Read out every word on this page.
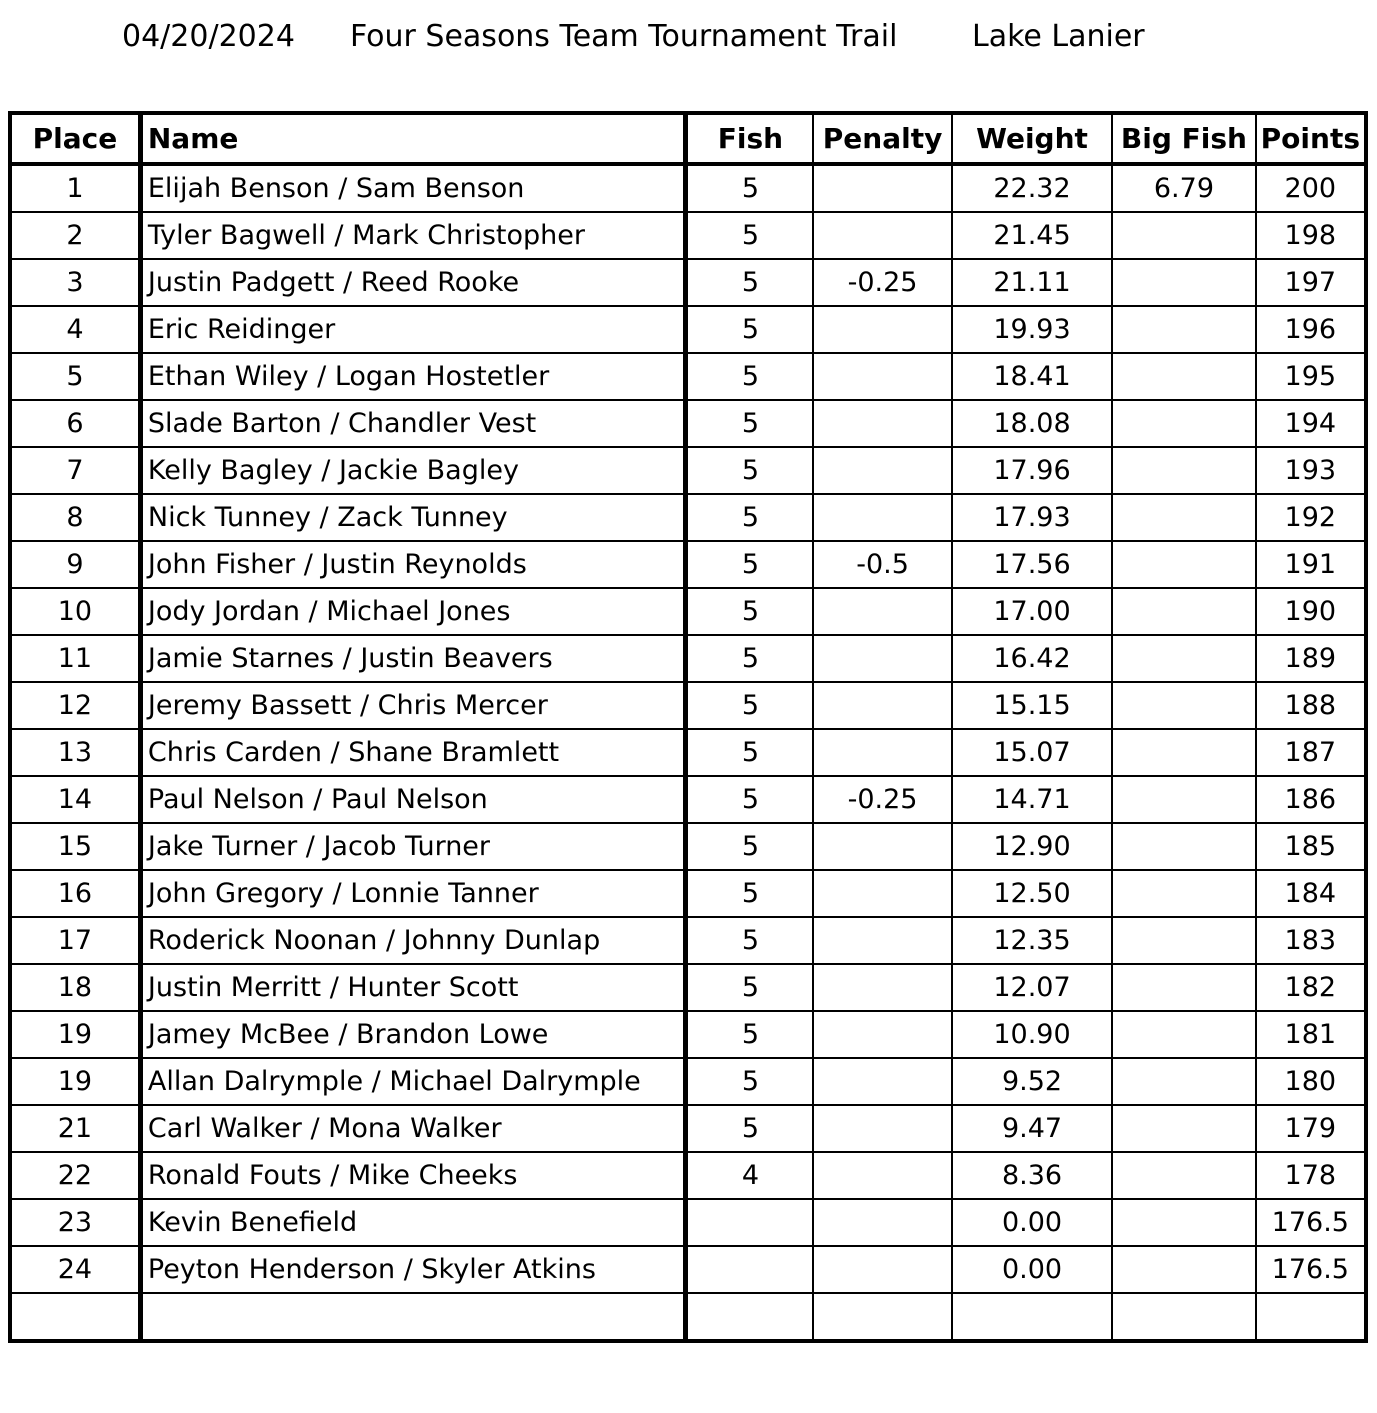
04/20/2024 Four Seasons Team Tournament Trail Lake Lanier
Place	Name	Fish	Penalty	Weight	Big Fish	Points
1	Elijah Benson / Sam Benson	5		22.32	6.79	200
2	Tyler Bagwell / Mark Christopher	5		21.45		198
3	Justin Padgett / Reed Rooke	5	-0.25	21.11		197
4	Eric Reidinger	5		19.93		196
5	Ethan Wiley / Logan Hostetler	5		18.41		195
6	Slade Barton / Chandler Vest	5		18.08		194
7	Kelly Bagley / Jackie Bagley	5		17.96		193
8	Nick Tunney / Zack Tunney	5		17.93		192
9	John Fisher / Justin Reynolds	5	-0.5	17.56		191
10	Jody Jordan / Michael Jones	5		17.00		190
11	Jamie Starnes / Justin Beavers	5		16.42		189
12	Jeremy Bassett / Chris Mercer	5		15.15		188
13	Chris Carden / Shane Bramlett	5		15.07		187
14	Paul Nelson / Paul Nelson	5	-0.25	14.71		186
15	Jake Turner / Jacob Turner	5		12.90		185
16	John Gregory / Lonnie Tanner	5		12.50		184
17	Roderick Noonan / Johnny Dunlap	5		12.35		183
18	Justin Merritt / Hunter Scott	5		12.07		182
19	Jamey McBee / Brandon Lowe	5		10.90		181
19	Allan Dalrymple / Michael Dalrymple	5		9.52		180
21	Carl Walker / Mona Walker	5		9.47		179
22	Ronald Fouts / Mike Cheeks	4		8.36		178
23	Kevin Benefield			0.00		176.5
24	Peyton Henderson / Skyler Atkins			0.00		176.5
